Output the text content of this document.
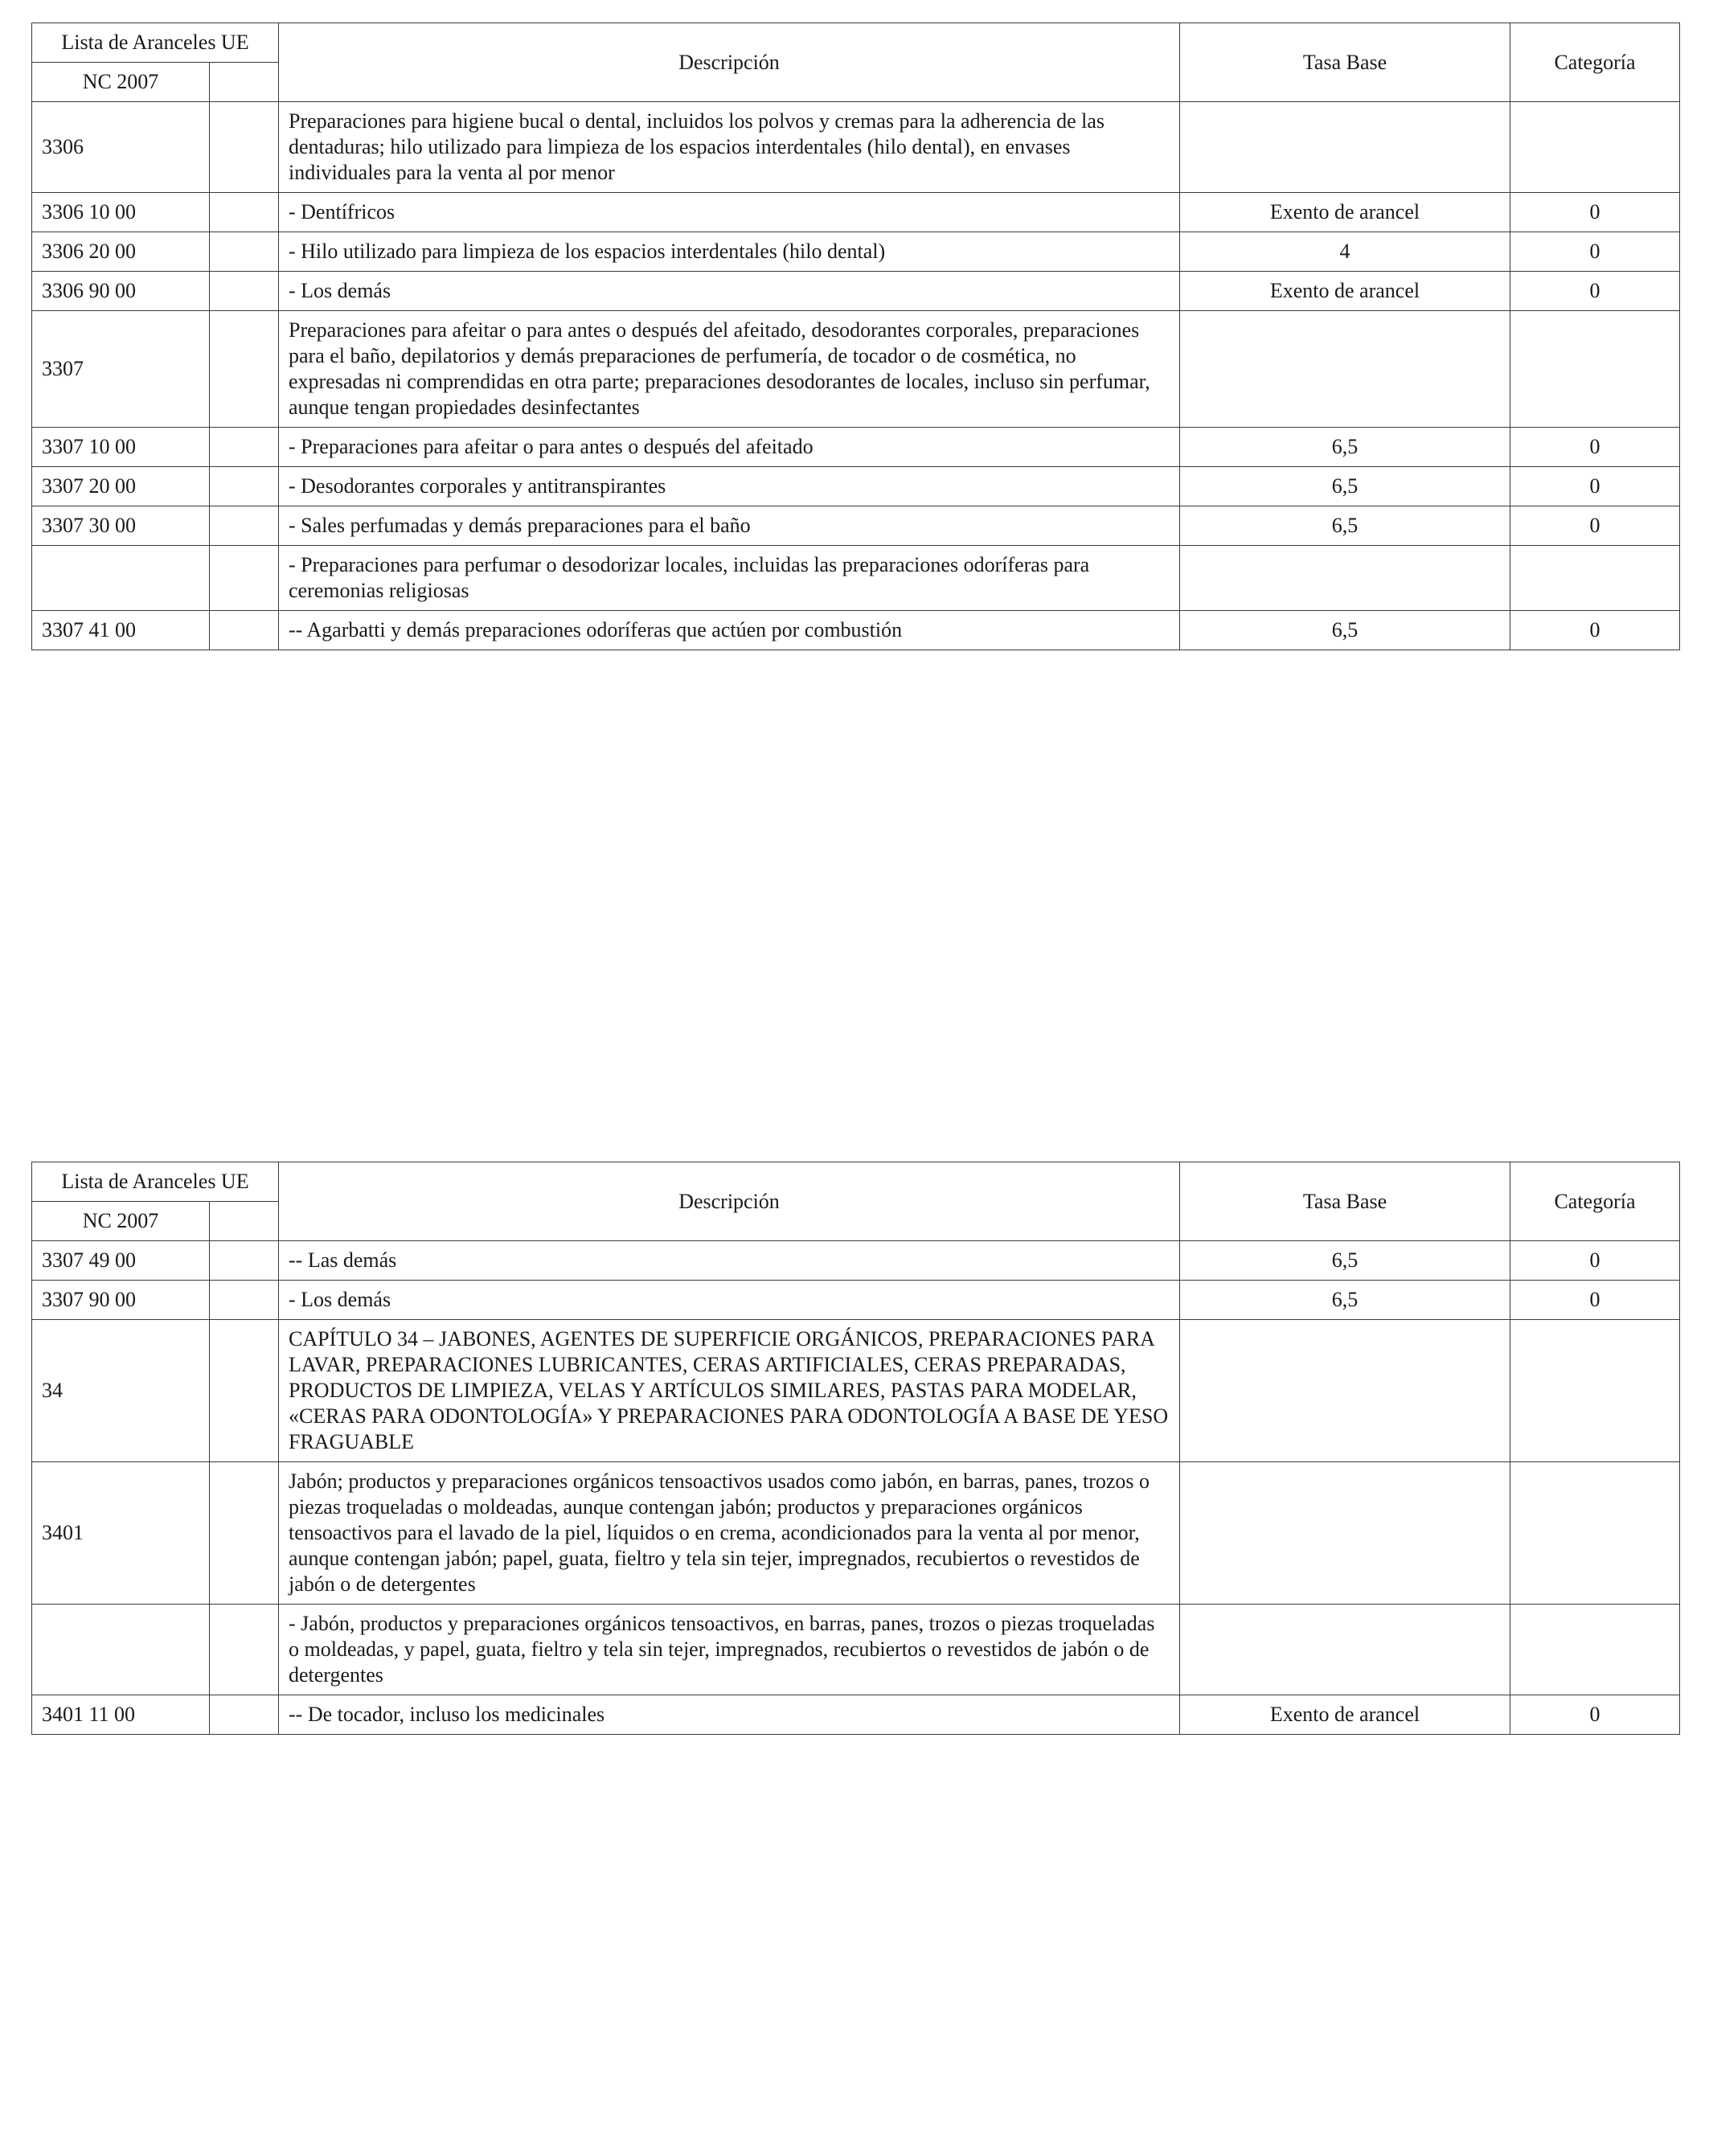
Lista de Aranceles UE		Descripción	Tasa Base	Categoría
NC 2007				
3306		Preparaciones para higiene bucal o dental, incluidos los polvos y cremas para la adherencia de las dentaduras; hilo utilizado para limpieza de los espacios interdentales (hilo dental), en envases individuales para la venta al por menor		
3306 10 00		- Dentífricos	Exento de arancel	0
3306 20 00		- Hilo utilizado para limpieza de los espacios interdentales (hilo dental)	4	0
3306 90 00		- Los demás	Exento de arancel	0
3307		Preparaciones para afeitar o para antes o después del afeitado, desodorantes corporales, preparaciones para el baño, depilatorios y demás preparaciones de perfumería, de tocador o de cosmética, no expresadas ni comprendidas en otra parte; preparaciones desodorantes de locales, incluso sin perfumar, aunque tengan propiedades desinfectantes		
3307 10 00		- Preparaciones para afeitar o para antes o después del afeitado	6,5	0
3307 20 00		- Desodorantes corporales y antitranspirantes	6,5	0
3307 30 00		- Sales perfumadas y demás preparaciones para el baño	6,5	0
		- Preparaciones para perfumar o desodorizar locales, incluidas las preparaciones odoríferas para ceremonias religiosas		
3307 41 00		-- Agarbatti y demás preparaciones odoríferas que actúen por combustión	6,5	0
Lista de Aranceles UE		Descripción	Tasa Base	Categoría
NC 2007				
3307 49 00		-- Las demás	6,5	0
3307 90 00		- Los demás	6,5	0
34		CAPÍTULO 34 – JABONES, AGENTES DE SUPERFICIE ORGÁNICOS, PREPARACIONES PARA LAVAR, PREPARACIONES LUBRICANTES, CERAS ARTIFICIALES, CERAS PREPARADAS, PRODUCTOS DE LIMPIEZA, VELAS Y ARTÍCULOS SIMILARES, PASTAS PARA MODELAR, «CERAS PARA ODONTOLOGÍA» Y PREPARACIONES PARA ODONTOLOGÍA A BASE DE YESO FRAGUABLE		
3401		Jabón; productos y preparaciones orgánicos tensoactivos usados como jabón, en barras, panes, trozos o piezas troqueladas o moldeadas, aunque contengan jabón; productos y preparaciones orgánicos tensoactivos para el lavado de la piel, líquidos o en crema, acondicionados para la venta al por menor, aunque contengan jabón; papel, guata, fieltro y tela sin tejer, impregnados, recubiertos o revestidos de jabón o de detergentes		
		- Jabón, productos y preparaciones orgánicos tensoactivos, en barras, panes, trozos o piezas troqueladas o moldeadas, y papel, guata, fieltro y tela sin tejer, impregnados, recubiertos o revestidos de jabón o de detergentes		
3401 11 00		-- De tocador, incluso los medicinales	Exento de arancel	0
